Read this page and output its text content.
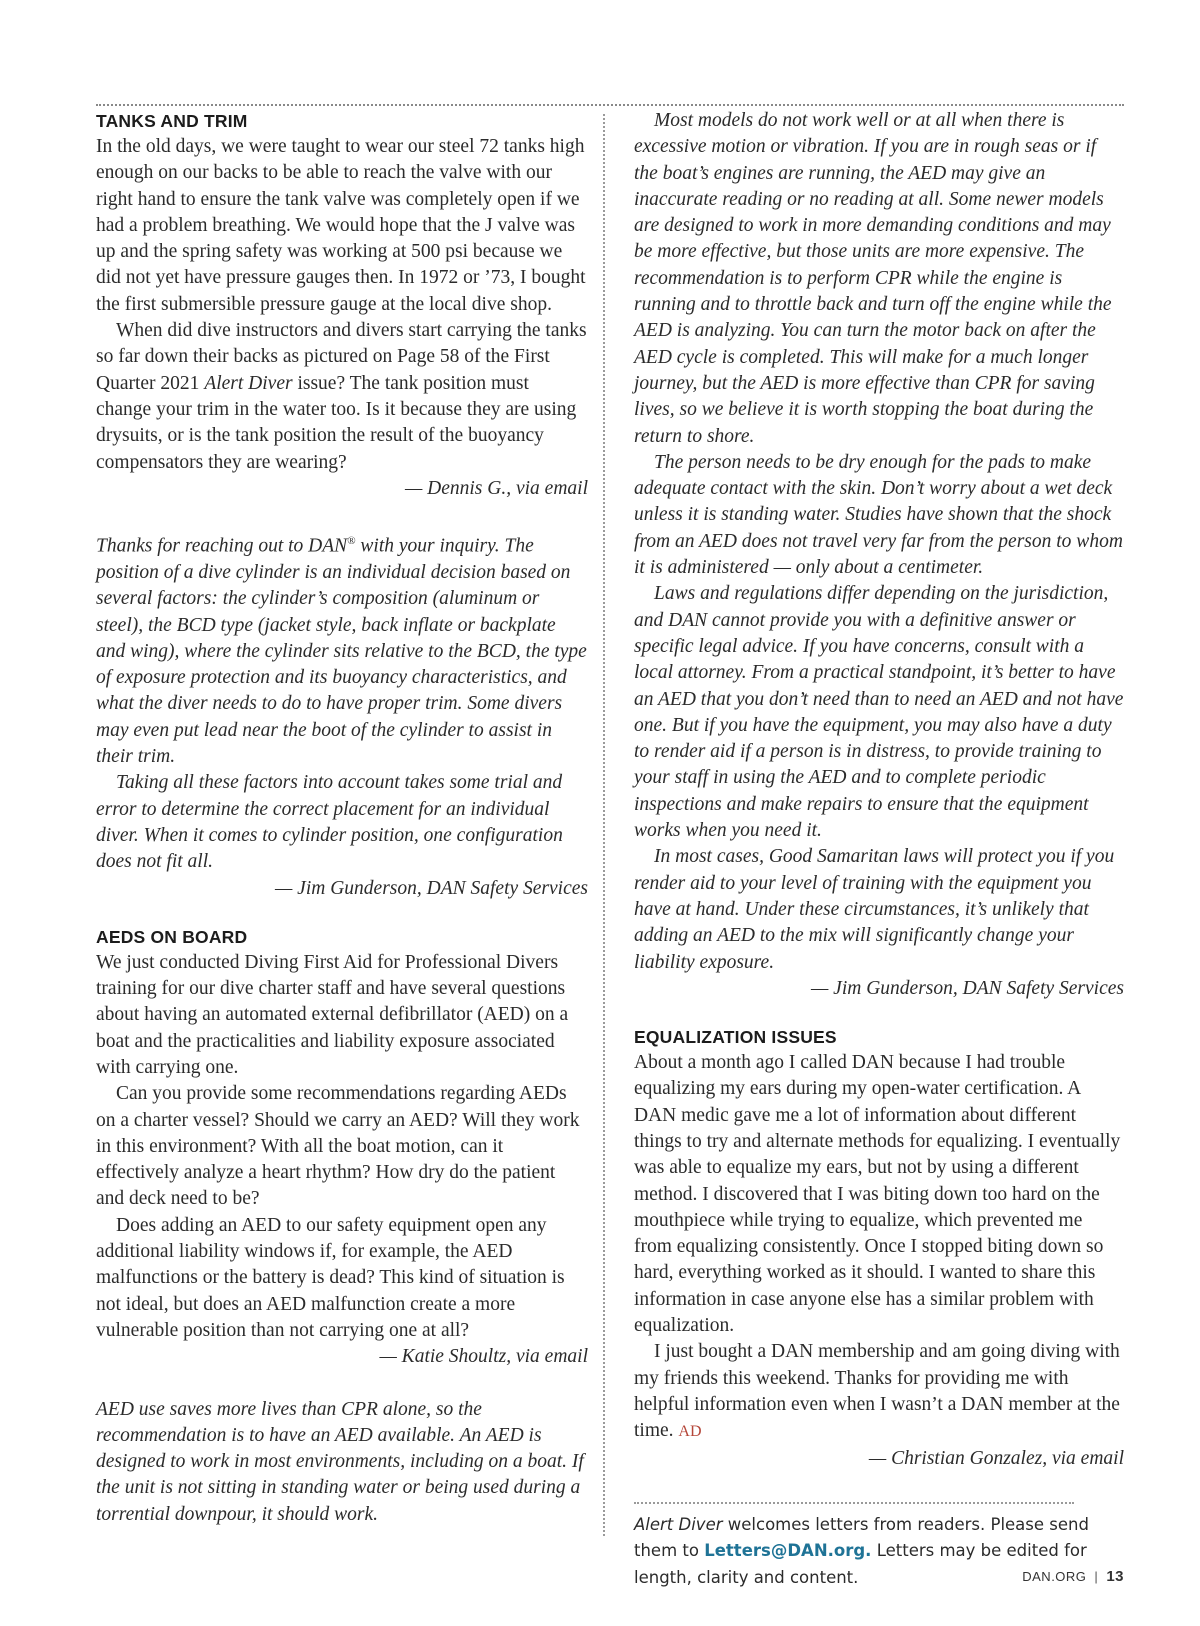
TANKS AND TRIM

In the old days, we were taught to wear our steel 72 tanks high enough on our backs to be able to reach the valve with our right hand to ensure the tank valve was completely open if we had a problem breathing. We would hope that the J valve was up and the spring safety was working at 500 psi because we did not yet have pressure gauges then. In 1972 or ’73, I bought the first submersible pressure gauge at the local dive shop.

When did dive instructors and divers start carrying the tanks so far down their backs as pictured on Page 58 of the First Quarter 2021 Alert Diver issue? The tank position must change your trim in the water too. Is it because they are using drysuits, or is the tank position the result of the buoyancy compensators they are wearing?

— Dennis G., via email

Thanks for reaching out to DAN® with your inquiry. The position of a dive cylinder is an individual decision based on several factors: the cylinder’s composition (aluminum or steel), the BCD type (jacket style, back inflate or backplate and wing), where the cylinder sits relative to the BCD, the type of exposure protection and its buoyancy characteristics, and what the diver needs to do to have proper trim. Some divers may even put lead near the boot of the cylinder to assist in their trim.

Taking all these factors into account takes some trial and error to determine the correct placement for an individual diver. When it comes to cylinder position, one configuration does not fit all.

— Jim Gunderson, DAN Safety Services

AEDS ON BOARD

We just conducted Diving First Aid for Professional Divers training for our dive charter staff and have several questions about having an automated external defibrillator (AED) on a boat and the practicalities and liability exposure associated with carrying one.

Can you provide some recommendations regarding AEDs on a charter vessel? Should we carry an AED? Will they work in this environment? With all the boat motion, can it effectively analyze a heart rhythm? How dry do the patient and deck need to be?

Does adding an AED to our safety equipment open any additional liability windows if, for example, the AED malfunctions or the battery is dead? This kind of situation is not ideal, but does an AED malfunction create a more vulnerable position than not carrying one at all?

— Katie Shoultz, via email

AED use saves more lives than CPR alone, so the recommendation is to have an AED available. An AED is designed to work in most environments, including on a boat. If the unit is not sitting in standing water or being used during a torrential downpour, it should work.

Most models do not work well or at all when there is excessive motion or vibration. If you are in rough seas or if the boat’s engines are running, the AED may give an inaccurate reading or no reading at all. Some newer models are designed to work in more demanding conditions and may be more effective, but those units are more expensive. The recommendation is to perform CPR while the engine is running and to throttle back and turn off the engine while the AED is analyzing. You can turn the motor back on after the AED cycle is completed. This will make for a much longer journey, but the AED is more effective than CPR for saving lives, so we believe it is worth stopping the boat during the return to shore.

The person needs to be dry enough for the pads to make adequate contact with the skin. Don’t worry about a wet deck unless it is standing water. Studies have shown that the shock from an AED does not travel very far from the person to whom it is administered — only about a centimeter.

Laws and regulations differ depending on the jurisdiction, and DAN cannot provide you with a definitive answer or specific legal advice. If you have concerns, consult with a local attorney. From a practical standpoint, it’s better to have an AED that you don’t need than to need an AED and not have one. But if you have the equipment, you may also have a duty to render aid if a person is in distress, to provide training to your staff in using the AED and to complete periodic inspections and make repairs to ensure that the equipment works when you need it.

In most cases, Good Samaritan laws will protect you if you render aid to your level of training with the equipment you have at hand. Under these circumstances, it’s unlikely that adding an AED to the mix will significantly change your liability exposure.

— Jim Gunderson, DAN Safety Services

EQUALIZATION ISSUES

About a month ago I called DAN because I had trouble equalizing my ears during my open-water certification. A DAN medic gave me a lot of information about different things to try and alternate methods for equalizing. I eventually was able to equalize my ears, but not by using a different method. I discovered that I was biting down too hard on the mouthpiece while trying to equalize, which prevented me from equalizing consistently. Once I stopped biting down so hard, everything worked as it should. I wanted to share this information in case anyone else has a similar problem with equalization.

I just bought a DAN membership and am going diving with my friends this weekend. Thanks for providing me with helpful information even when I wasn’t a DAN member at the time. AD

— Christian Gonzalez, via email

Alert Diver welcomes letters from readers. Please send them to Letters@DAN.org. Letters may be edited for length, clarity and content.	DAN.ORG | 13
